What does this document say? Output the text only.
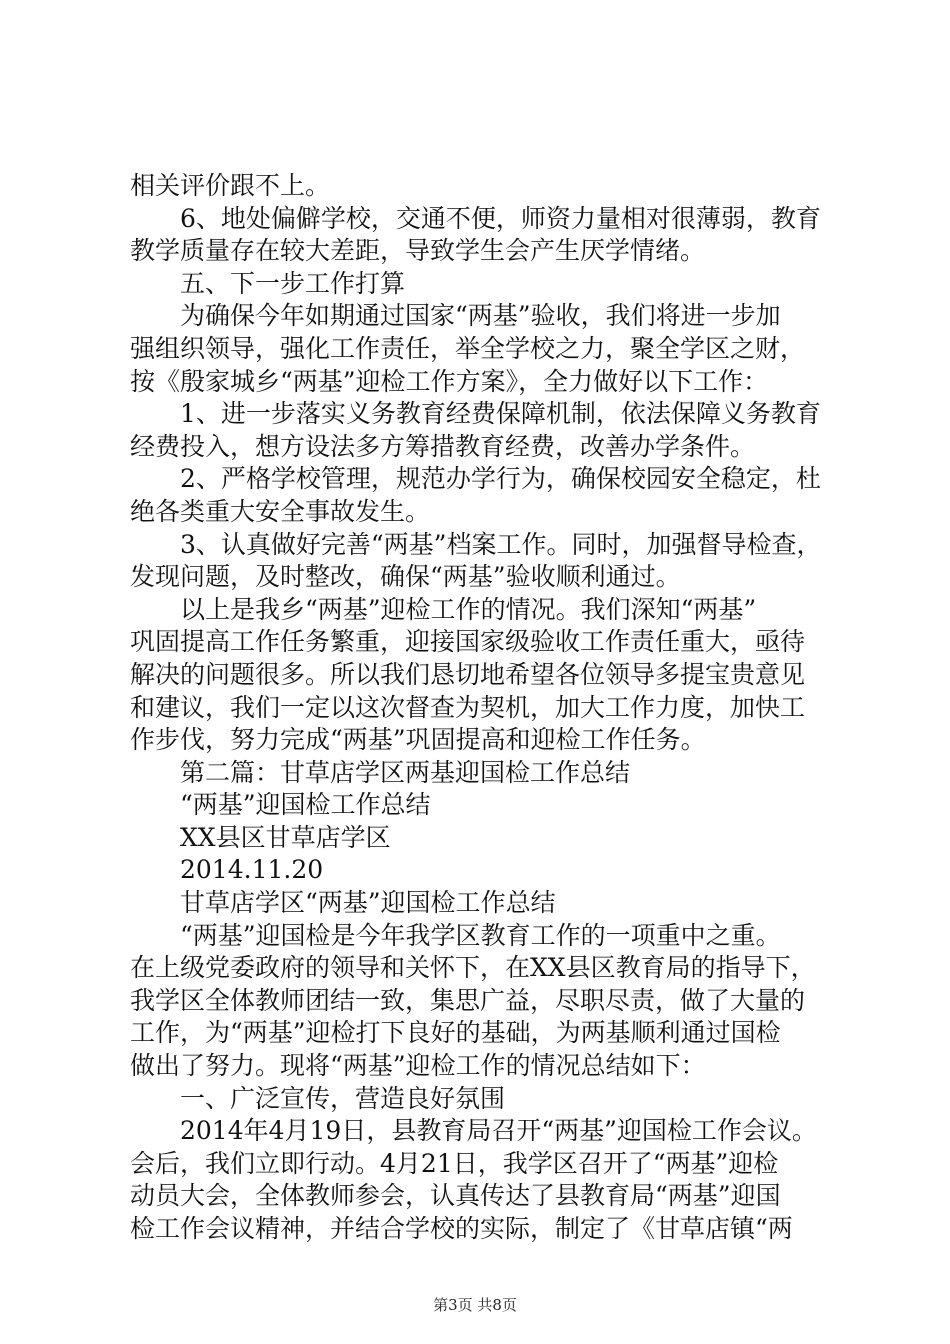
相关评价跟不上。
6、地处偏僻学校，交通不便，师资力量相对很薄弱，教育
教学质量存在较大差距，导致学生会产生厌学情绪。
五、下一步工作打算
为确保今年如期通过国家“两基”验收，我们将进一步加
强组织领导，强化工作责任，举全学校之力，聚全学区之财，
按《殷家城乡“两基”迎检工作方案》，全力做好以下工作：
1、进一步落实义务教育经费保障机制，依法保障义务教育
经费投入，想方设法多方筹措教育经费，改善办学条件。
2、严格学校管理，规范办学行为，确保校园安全稳定，杜
绝各类重大安全事故发生。
3、认真做好完善“两基”档案工作。同时，加强督导检查，
发现问题，及时整改，确保“两基”验收顺利通过。
以上是我乡“两基”迎检工作的情况。我们深知“两基”
巩固提高工作任务繁重，迎接国家级验收工作责任重大，亟待
解决的问题很多。所以我们恳切地希望各位领导多提宝贵意见
和建议，我们一定以这次督查为契机，加大工作力度，加快工
作步伐，努力完成“两基”巩固提高和迎检工作任务。
第二篇：甘草店学区两基迎国检工作总结
“两基”迎国检工作总结
XX县区甘草店学区
2014.11.20
甘草店学区“两基”迎国检工作总结
“两基”迎国检是今年我学区教育工作的一项重中之重。
在上级党委政府的领导和关怀下，在XX县区教育局的指导下，
我学区全体教师团结一致，集思广益，尽职尽责，做了大量的
工作，为“两基”迎检打下良好的基础，为两基顺利通过国检
做出了努力。现将“两基”迎检工作的情况总结如下：
一、广泛宣传，营造良好氛围
2014年4月19日，县教育局召开“两基”迎国检工作会议。
会后，我们立即行动。4月21日，我学区召开了“两基”迎检
动员大会，全体教师参会，认真传达了县教育局“两基”迎国
检工作会议精神，并结合学校的实际，制定了《甘草店镇“两
第3页 共8页
